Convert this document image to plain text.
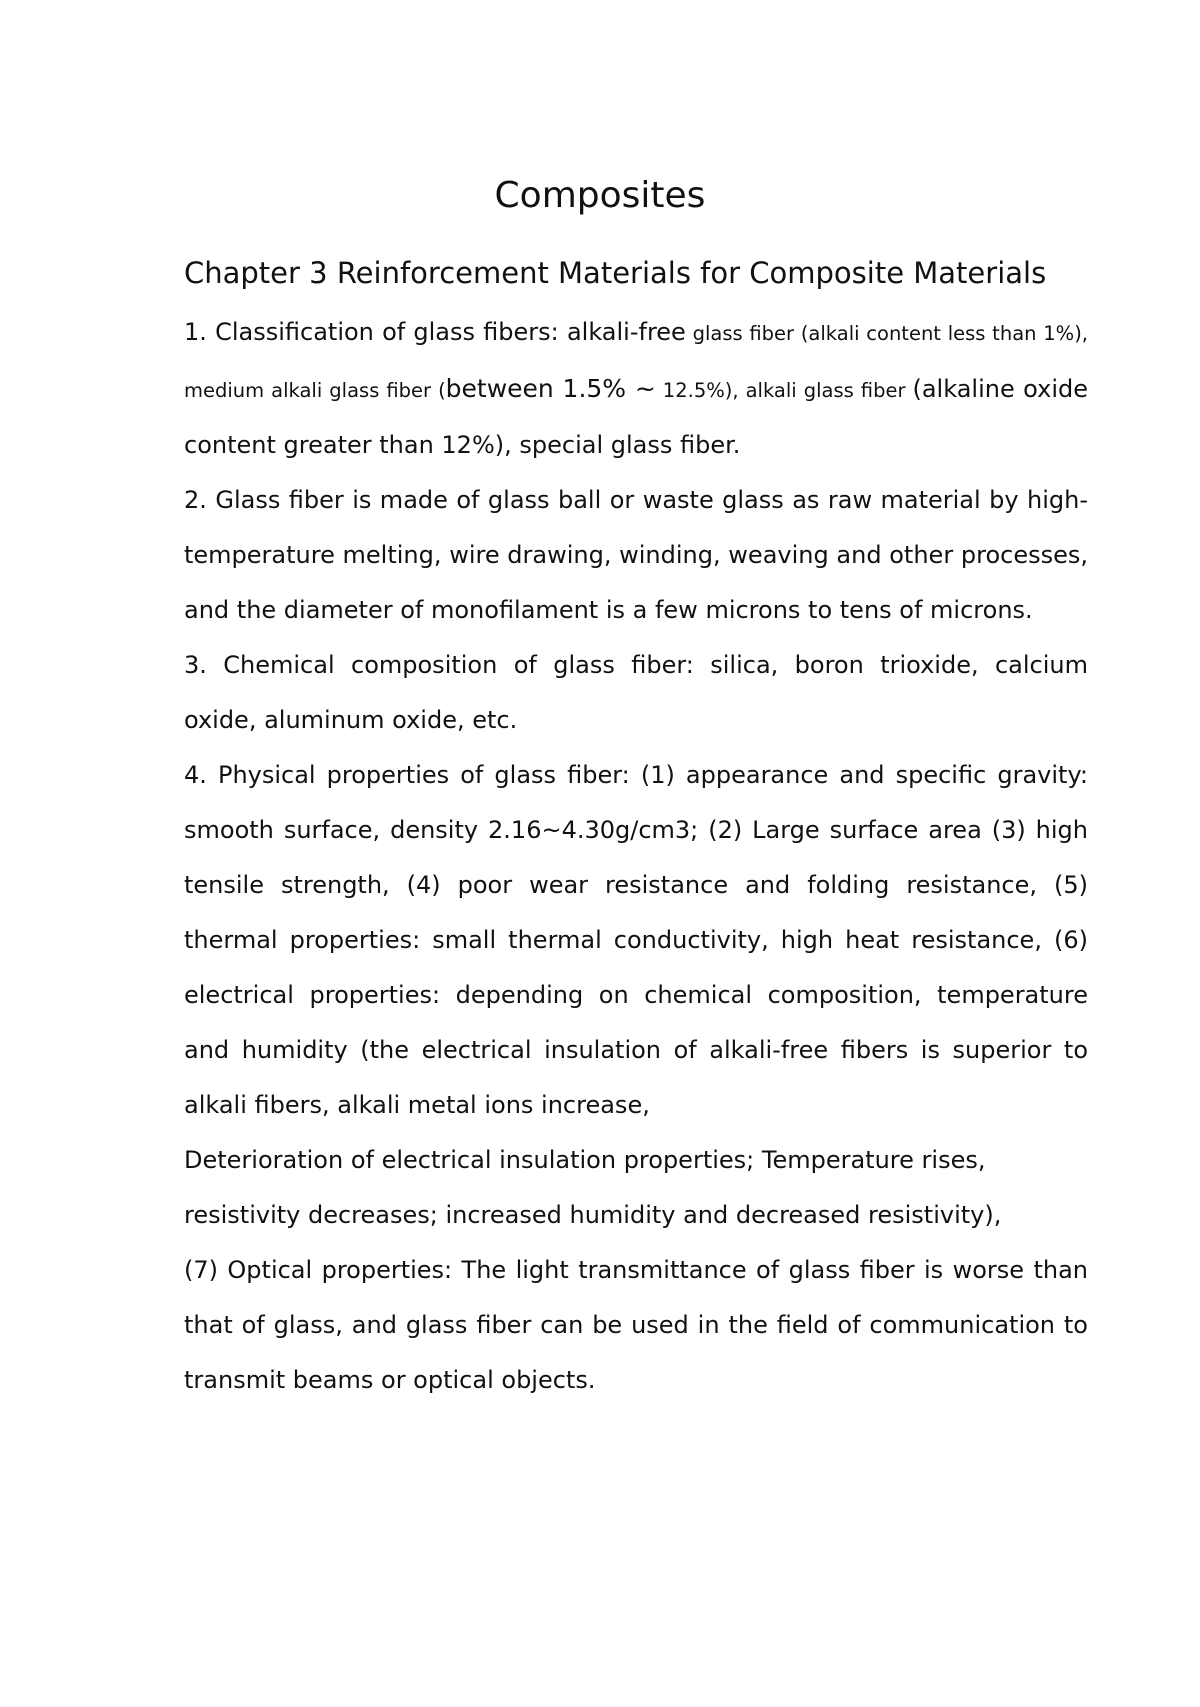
Composites
Chapter 3 Reinforcement Materials for Composite Materials

1. Classification of glass fibers: alkali-free glass fiber (alkali content less than 1%), medium alkali glass fiber (between 1.5% ~ 12.5%), alkali glass fiber (alkaline oxide content greater than 12%), special glass fiber.

2. Glass fiber is made of glass ball or waste glass as raw material by high-temperature melting, wire drawing, winding, weaving and other processes, and the diameter of monofilament is a few microns to tens of microns.

3. Chemical composition of glass fiber: silica, boron trioxide, calcium oxide, aluminum oxide, etc.

4. Physical properties of glass fiber: (1) appearance and specific gravity: smooth surface, density 2.16~4.30g/cm3; (2) Large surface area (3) high tensile strength, (4) poor wear resistance and folding resistance, (5) thermal properties: small thermal conductivity, high heat resistance, (6) electrical properties: depending on chemical composition, temperature and humidity (the electrical insulation of alkali-free fibers is superior to alkali fibers, alkali metal ions increase,

Deterioration of electrical insulation properties; Temperature rises, resistivity decreases; increased humidity and decreased resistivity),

(7) Optical properties: The light transmittance of glass fiber is worse than that of glass, and glass fiber can be used in the field of communication to transmit beams or optical objects.
